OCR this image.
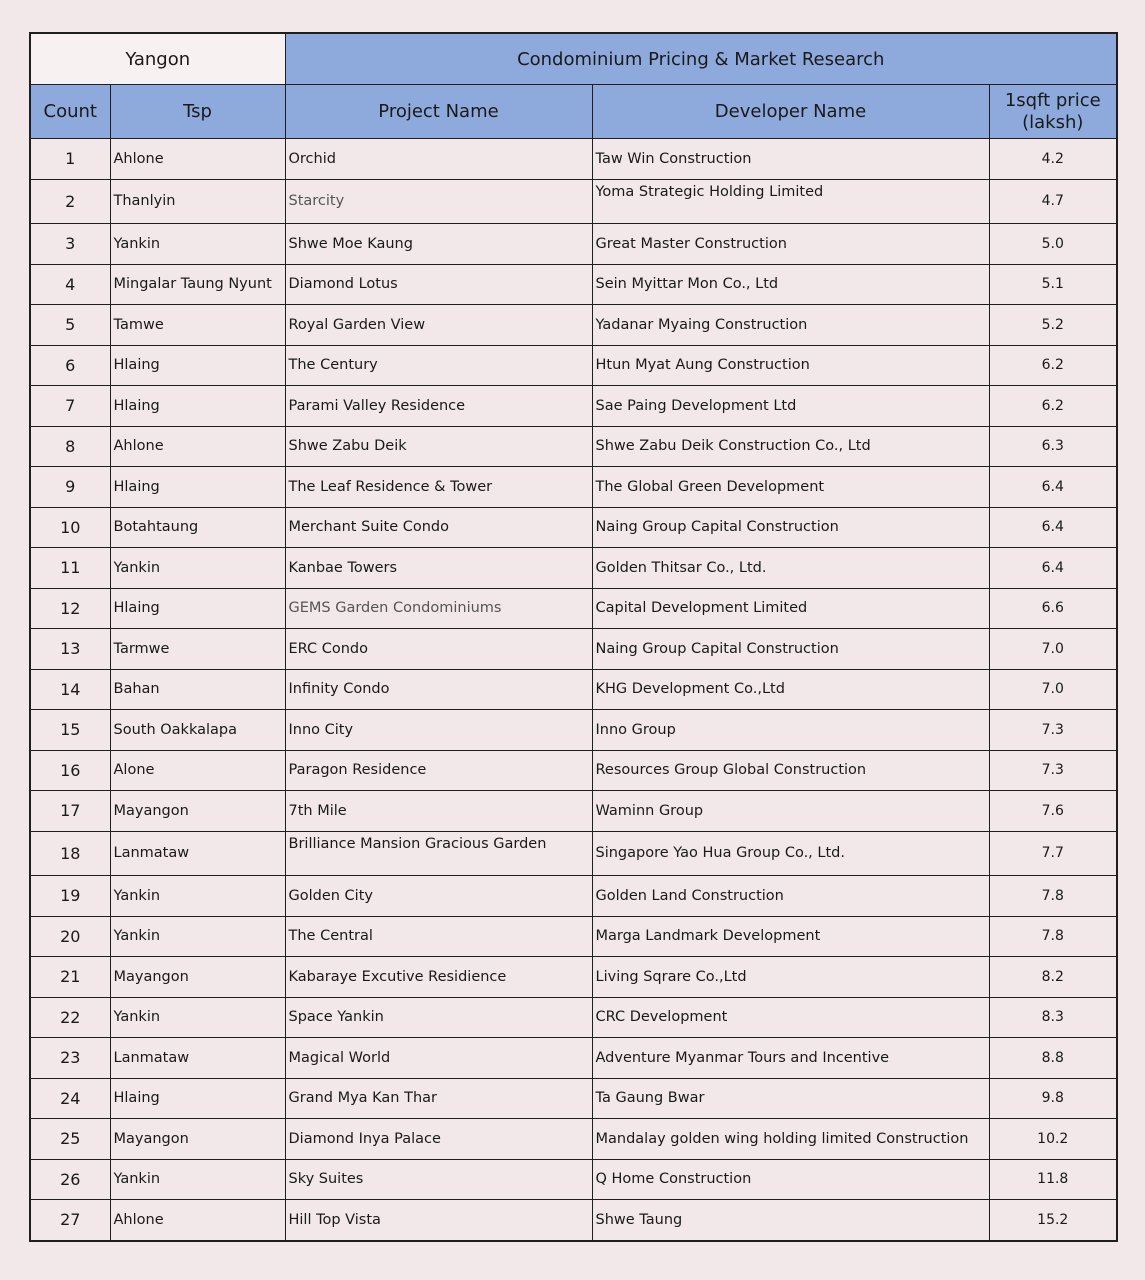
Yangon		Condominium Pricing & Market Research		
Count	Tsp	Project Name	Developer Name	1sqft price
(laksh)
1	Ahlone	Orchid	Taw Win Construction	4.2
2	Thanlyin	Starcity	Yoma Strategic Holding Limited	4.7
3	Yankin	Shwe Moe Kaung	Great Master Construction	5.0
4	Mingalar Taung Nyunt	Diamond Lotus	Sein Myittar Mon Co., Ltd	5.1
5	Tamwe	Royal Garden View	Yadanar Myaing Construction	5.2
6	Hlaing	The Century	Htun Myat Aung Construction	6.2
7	Hlaing	Parami Valley Residence	Sae Paing Development Ltd	6.2
8	Ahlone	Shwe Zabu Deik	Shwe Zabu Deik Construction Co., Ltd	6.3
9	Hlaing	The Leaf Residence & Tower	The Global Green Development	6.4
10	Botahtaung	Merchant Suite Condo	Naing Group Capital Construction	6.4
11	Yankin	Kanbae Towers	Golden Thitsar Co., Ltd.	6.4
12	Hlaing	GEMS Garden Condominiums	Capital Development Limited	6.6
13	Tarmwe	ERC Condo	Naing Group Capital Construction	7.0
14	Bahan	Infinity Condo	KHG Development Co.,Ltd	7.0
15	South Oakkalapa	Inno City	Inno Group	7.3
16	Alone	Paragon Residence	Resources Group Global Construction	7.3
17	Mayangon	7th Mile	Waminn Group	7.6
18	Lanmataw	Brilliance Mansion Gracious Garden	Singapore Yao Hua Group Co., Ltd.	7.7
19	Yankin	Golden City	Golden Land Construction	7.8
20	Yankin	The Central	Marga Landmark Development	7.8
21	Mayangon	Kabaraye Excutive Residience	Living Sqrare Co.,Ltd	8.2
22	Yankin	Space Yankin	CRC Development	8.3
23	Lanmataw	Magical World	Adventure Myanmar Tours and Incentive	8.8
24	Hlaing	Grand Mya Kan Thar	Ta Gaung Bwar	9.8
25	Mayangon	Diamond Inya Palace	Mandalay golden wing holding limited Construction	10.2
26	Yankin	Sky Suites	Q Home Construction	11.8
27	Ahlone	Hill Top Vista	Shwe Taung	15.2
